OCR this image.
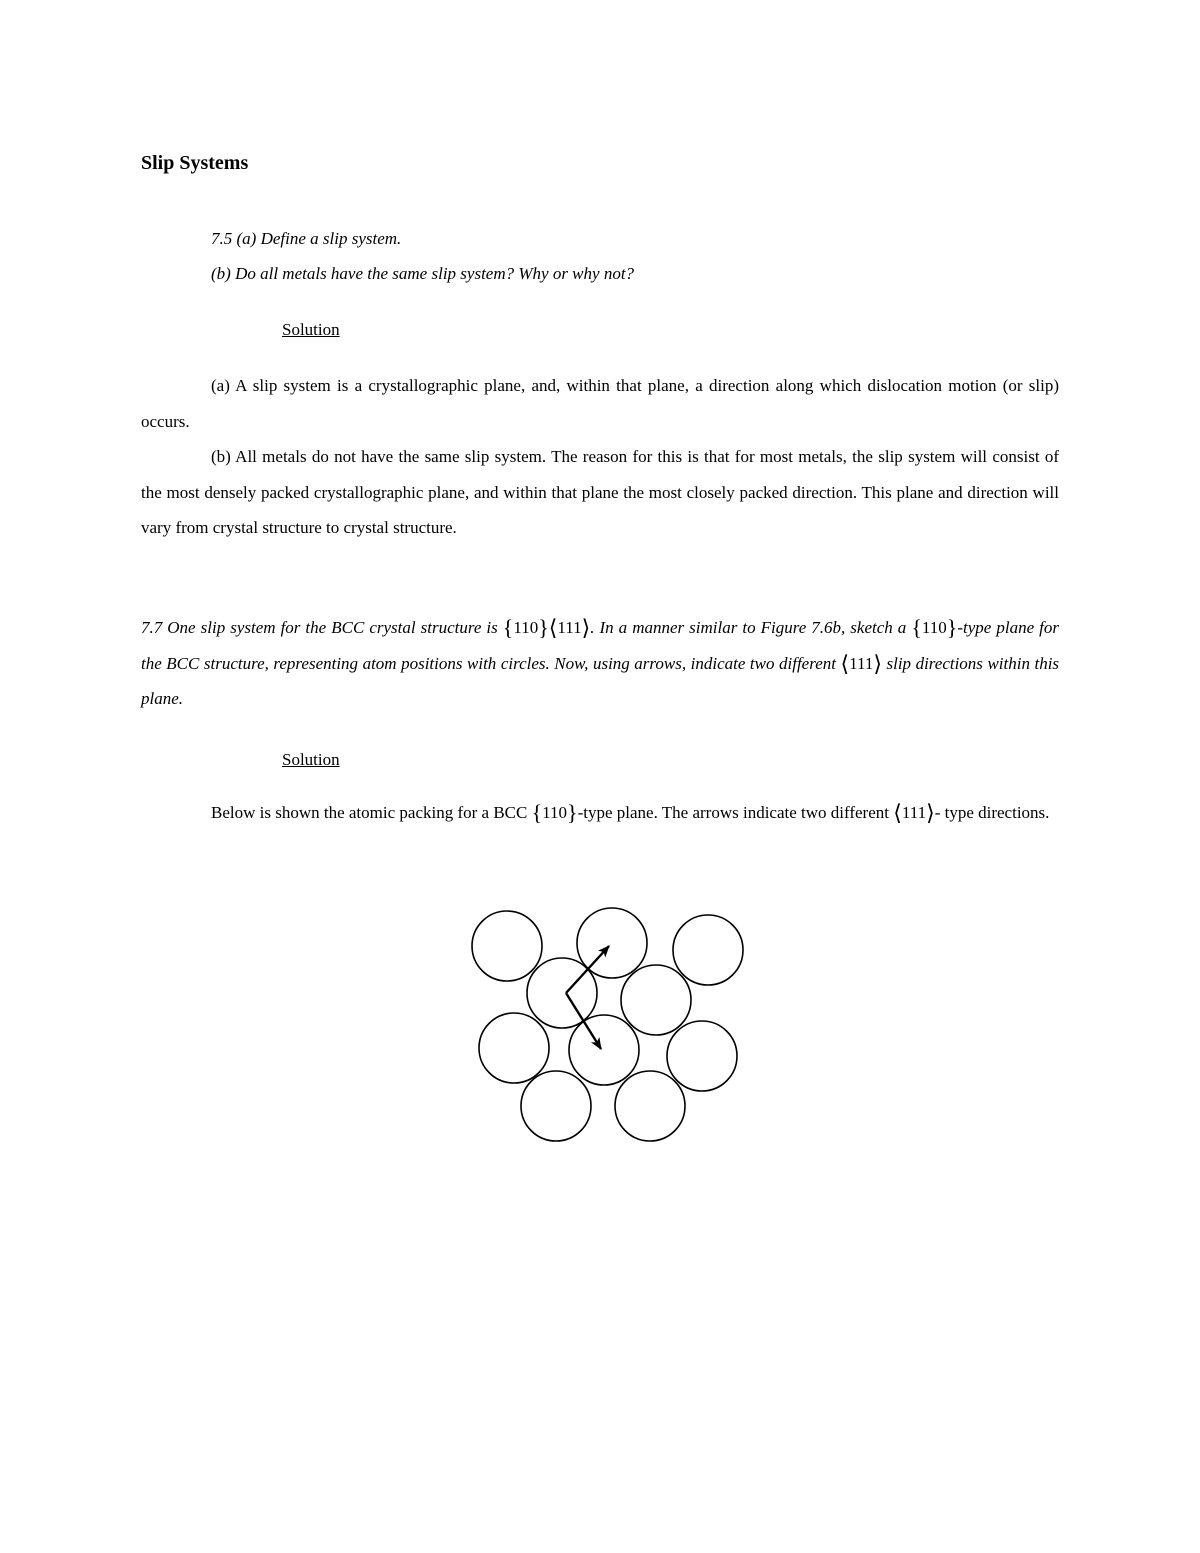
Slip Systems
7.5 (a) Define a slip system.
(b) Do all metals have the same slip system? Why or why not?
Solution
(a) A slip system is a crystallographic plane, and, within that plane, a direction along which dislocation motion (or slip) occurs.
(b) All metals do not have the same slip system. The reason for this is that for most metals, the slip system will consist of the most densely packed crystallographic plane, and within that plane the most closely packed direction. This plane and direction will vary from crystal structure to crystal structure.
7.7 One slip system for the BCC crystal structure is {110}⟨111⟩. In a manner similar to Figure 7.6b, sketch a {110}-type plane for the BCC structure, representing atom positions with circles. Now, using arrows, indicate two different ⟨111⟩ slip directions within this plane.
Solution
Below is shown the atomic packing for a BCC {110}-type plane. The arrows indicate two different ⟨111⟩- type directions.
